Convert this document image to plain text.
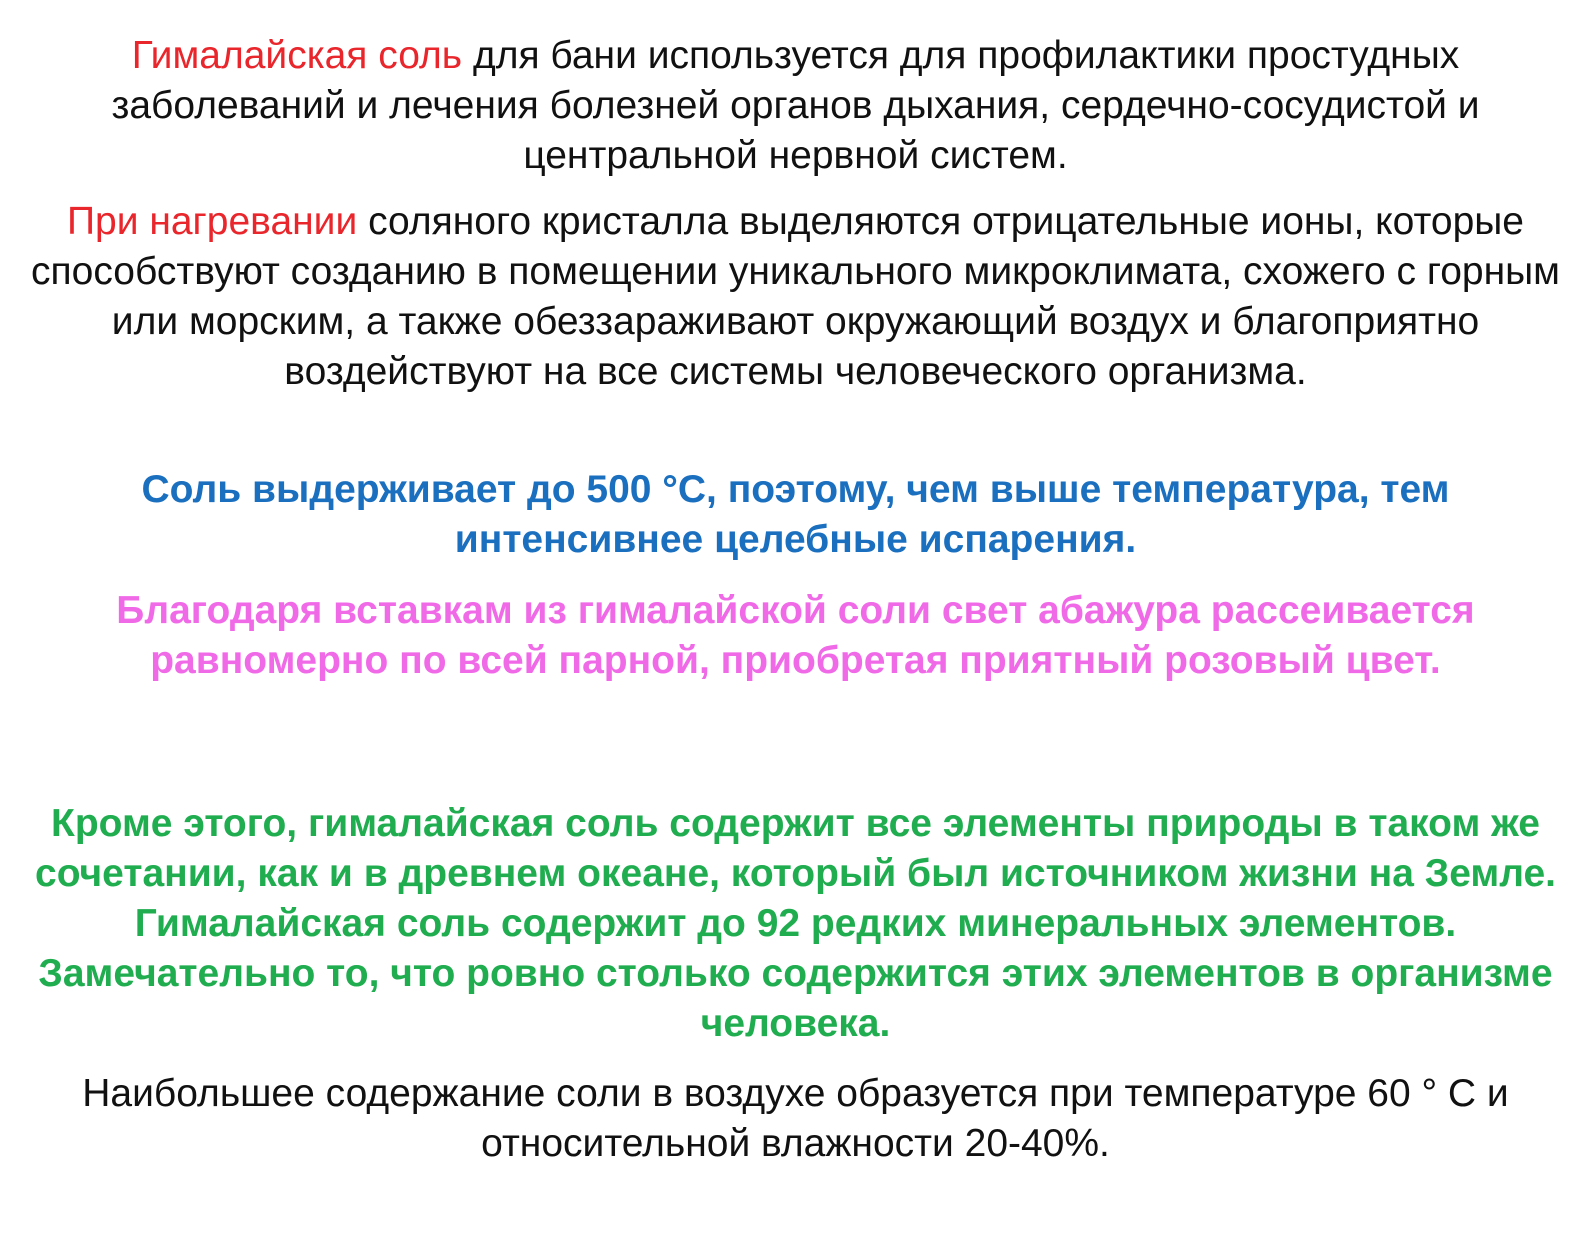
Гималайская соль для бани используется для профилактики простудных заболеваний и лечения болезней органов дыхания, сердечно-сосудистой и центральной нервной систем.

При нагревании соляного кристалла выделяются отрицательные ионы, которые способствуют созданию в помещении уникального микроклимата, схожего с горным или морским, а также обеззараживают окружающий воздух и благоприятно воздействуют на все системы человеческого организма.

Соль выдерживает до 500 °С, поэтому, чем выше температура, тем интенсивнее целебные испарения.

Благодаря вставкам из гималайской соли свет абажура рассеивается равномерно по всей парной, приобретая приятный розовый цвет.

Кроме этого, гималайская соль содержит все элементы природы в таком же сочетании, как и в древнем океане, который был источником жизни на Земле. Гималайская соль содержит до 92 редких минеральных элементов. Замечательно то, что ровно столько содержится этих элементов в организме человека.

Наибольшее содержание соли в воздухе образуется при температуре 60 ° С и относительной влажности 20-40%.
